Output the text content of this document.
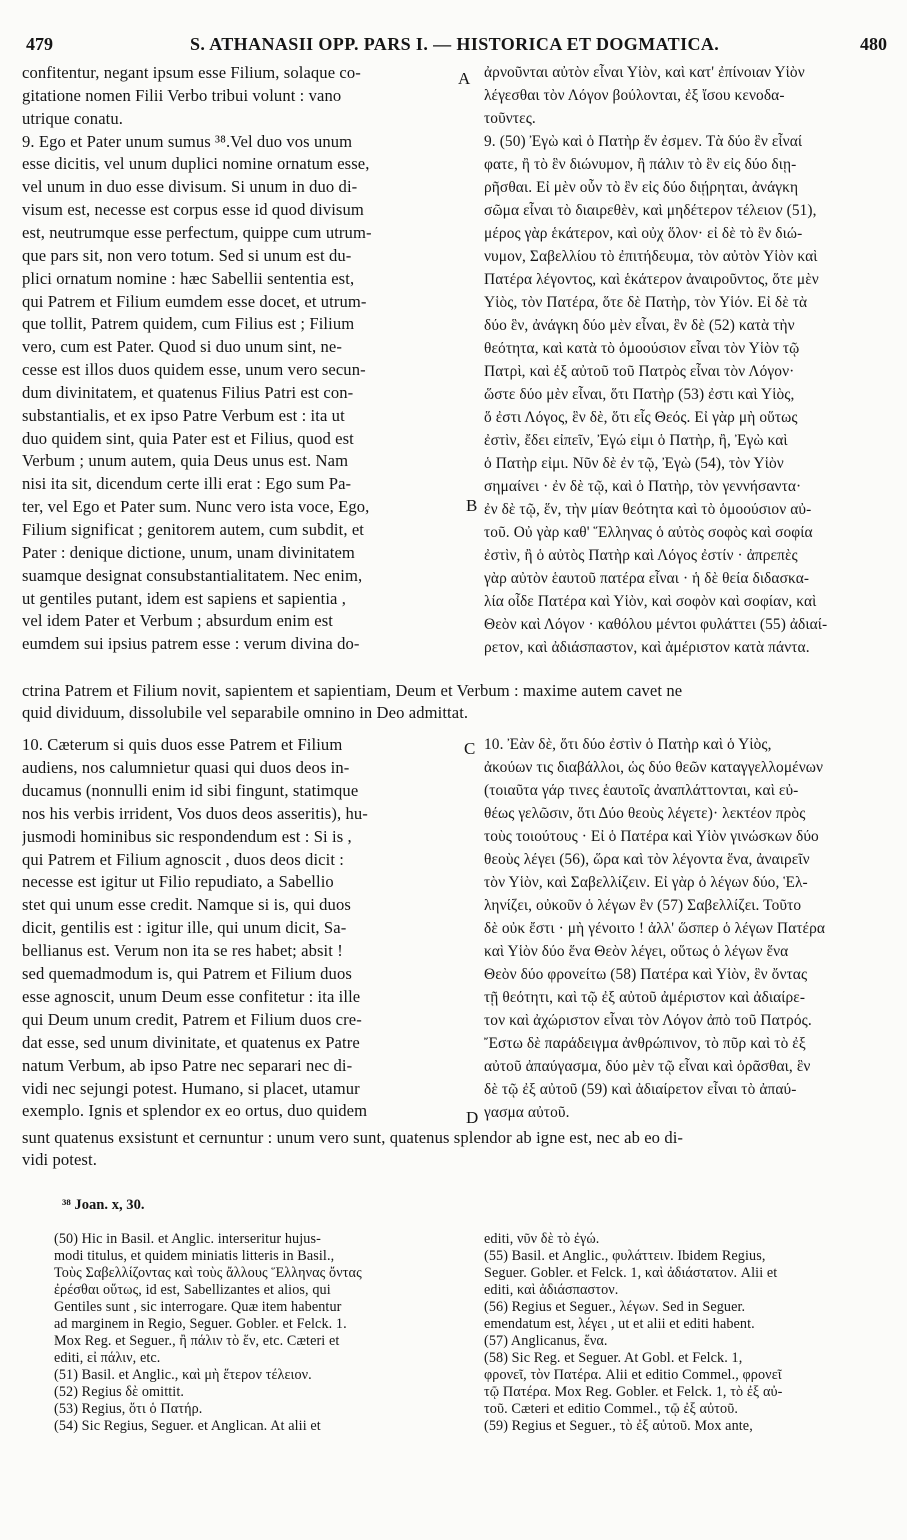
479	S. ATHANASII OPP. PARS I. — HISTORICA ET DOGMATICA.	480
A
B
C
D
confitentur, negant ipsum esse Filium, solaque co-
gitatione nomen Filii Verbo tribui volunt : vano
utrique conatu.
9. Ego et Pater unum sumus ³⁸.Vel duo vos unum
esse dicitis, vel unum duplici nomine ornatum esse,
vel unum in duo esse divisum. Si unum in duo di-
visum est, necesse est corpus esse id quod divisum
est, neutrumque esse perfectum, quippe cum utrum-
que pars sit, non vero totum. Sed si unum est du-
plici ornatum nomine : hæc Sabellii sententia est,
qui Patrem et Filium eumdem esse docet, et utrum-
que tollit, Patrem quidem, cum Filius est ; Filium
vero, cum est Pater. Quod si duo unum sint, ne-
cesse est illos duos quidem esse, unum vero secun-
dum divinitatem, et quatenus Filius Patri est con-
substantialis, et ex ipso Patre Verbum est : ita ut
duo quidem sint, quia Pater est et Filius, quod est
Verbum ; unum autem, quia Deus unus est. Nam
nisi ita sit, dicendum certe illi erat : Ego sum Pa-
ter, vel Ego et Pater sum. Nunc vero ista voce, Ego,
Filium significat ; genitorem autem, cum subdit, et
Pater : denique dictione, unum, unam divinitatem
suamque designat consubstantialitatem. Nec enim,
ut gentiles putant, idem est sapiens et sapientia ,
vel idem Pater et Verbum ; absurdum enim est
eumdem sui ipsius patrem esse : verum divina do-
ἀρνοῦνται αὐτὸν εἶναι Υἱὸν, καὶ κατ' ἐπίνοιαν Υἱὸν
λέγεσθαι τὸν Λόγον βούλονται, ἐξ ἴσου κενοδα-
τοῦντες.
9. (50) Ἐγὼ καὶ ὁ Πατὴρ ἕν ἐσμεν. Τὰ δύο ἓν εἶναί
φατε, ἢ τὸ ἓν διώνυμον, ἢ πάλιν τὸ ἓν εἰς δύο διῃ-
ρῆσθαι. Εἰ μὲν οὖν τὸ ἓν εἰς δύο διῄρηται, ἀνάγκη
σῶμα εἶναι τὸ διαιρεθὲν, καὶ μηδέτερον τέλειον (51),
μέρος γὰρ ἑκάτερον, καὶ οὐχ ὅλον· εἰ δὲ τὸ ἓν διώ-
νυμον, Σαβελλίου τὸ ἐπιτήδευμα, τὸν αὐτὸν Υἱὸν καὶ
Πατέρα λέγοντος, καὶ ἑκάτερον ἀναιροῦντος, ὅτε μὲν
Υἱὸς, τὸν Πατέρα, ὅτε δὲ Πατὴρ, τὸν Υἱόν. Εἰ δὲ τὰ
δύο ἓν, ἀνάγκη δύο μὲν εἶναι, ἓν δὲ (52) κατὰ τὴν
θεότητα, καὶ κατὰ τὸ ὁμοούσιον εἶναι τὸν Υἱὸν τῷ
Πατρὶ, καὶ ἐξ αὐτοῦ τοῦ Πατρὸς εἶναι τὸν Λόγον·
ὥστε δύο μὲν εἶναι, ὅτι Πατὴρ (53) ἐστι καὶ Υἱὸς,
ὅ ἐστι Λόγος, ἓν δὲ, ὅτι εἷς Θεός. Εἰ γὰρ μὴ οὕτως
ἐστὶν, ἔδει εἰπεῖν, Ἐγώ εἰμι ὁ Πατὴρ, ἢ, Ἐγὼ καὶ
ὁ Πατὴρ εἰμι. Νῦν δὲ ἐν τῷ, Ἐγὼ (54), τὸν Υἱὸν
σημαίνει · ἐν δὲ τῷ, καὶ ὁ Πατὴρ, τὸν γεννήσαντα·
ἐν δὲ τῷ, ἕν, τὴν μίαν θεότητα καὶ τὸ ὁμοούσιον αὐ-
τοῦ. Οὐ γὰρ καθ' Ἕλληνας ὁ αὐτὸς σοφὸς καὶ σοφία
ἐστὶν, ἢ ὁ αὐτὸς Πατὴρ καὶ Λόγος ἐστίν · ἀπρεπὲς
γὰρ αὐτὸν ἑαυτοῦ πατέρα εἶναι · ἡ δὲ θεία διδασκα-
λία οἶδε Πατέρα καὶ Υἱὸν, καὶ σοφὸν καὶ σοφίαν, καὶ
Θεὸν καὶ Λόγον · καθόλου μέντοι φυλάττει (55) ἀδιαί-
ρετον, καὶ ἀδιάσπαστον, καὶ ἀμέριστον κατὰ πάντα.
ctrina Patrem et Filium novit, sapientem et sapientiam, Deum et Verbum : maxime autem cavet ne
quid dividuum, dissolubile vel separabile omnino in Deo admittat.
10. Cæterum si quis duos esse Patrem et Filium
audiens, nos calumnietur quasi qui duos deos in-
ducamus (nonnulli enim id sibi fingunt, statimque
nos his verbis irrident, Vos duos deos asseritis), hu-
jusmodi hominibus sic respondendum est : Si is ,
qui Patrem et Filium agnoscit , duos deos dicit :
necesse est igitur ut Filio repudiato, a Sabellio
stet qui unum esse credit. Namque si is, qui duos
dicit, gentilis est : igitur ille, qui unum dicit, Sa-
bellianus est. Verum non ita se res habet; absit !
sed quemadmodum is, qui Patrem et Filium duos
esse agnoscit, unum Deum esse confitetur : ita ille
qui Deum unum credit, Patrem et Filium duos cre-
dat esse, sed unum divinitate, et quatenus ex Patre
natum Verbum, ab ipso Patre nec separari nec di-
vidi nec sejungi potest. Humano, si placet, utamur
exemplo. Ignis et splendor ex eo ortus, duo quidem
10. Ἐὰν δὲ, ὅτι δύο ἐστὶν ὁ Πατὴρ καὶ ὁ Υἱὸς,
ἀκούων τις διαβάλλοι, ὡς δύο θεῶν καταγγελλομένων
(τοιαῦτα γάρ τινες ἑαυτοῖς ἀναπλάττονται, καὶ εὐ-
θέως γελῶσιν, ὅτι Δύο θεοὺς λέγετε)· λεκτέον πρὸς
τοὺς τοιούτους · Εἰ ὁ Πατέρα καὶ Υἱὸν γινώσκων δύο
θεοὺς λέγει (56), ὥρα καὶ τὸν λέγοντα ἕνα, ἀναιρεῖν
τὸν Υἱὸν, καὶ Σαβελλίζειν. Εἰ γὰρ ὁ λέγων δύο, Ἑλ-
ληνίζει, οὐκοῦν ὁ λέγων ἓν (57) Σαβελλίζει. Τοῦτο
δὲ οὐκ ἔστι · μὴ γένοιτο ! ἀλλ' ὥσπερ ὁ λέγων Πατέρα
καὶ Υἱὸν δύο ἕνα Θεὸν λέγει, οὕτως ὁ λέγων ἕνα
Θεὸν δύο φρονείτω (58) Πατέρα καὶ Υἱὸν, ἓν ὄντας
τῇ θεότητι, καὶ τῷ ἐξ αὐτοῦ ἀμέριστον καὶ ἀδιαίρε-
τον καὶ ἀχώριστον εἶναι τὸν Λόγον ἀπὸ τοῦ Πατρός.
Ἔστω δὲ παράδειγμα ἀνθρώπινον, τὸ πῦρ καὶ τὸ ἐξ
αὐτοῦ ἀπαύγασμα, δύο μὲν τῷ εἶναι καὶ ὁρᾶσθαι, ἓν
δὲ τῷ ἐξ αὐτοῦ (59) καὶ ἀδιαίρετον εἶναι τὸ ἀπαύ-
γασμα αὐτοῦ.
sunt quatenus exsistunt et cernuntur : unum vero sunt, quatenus splendor ab igne est, nec ab eo di-
vidi potest.
³⁸ Joan. x, 30.
(50) Hic in Basil. et Anglic. interseritur hujus-
modi titulus, et quidem miniatis litteris in Basil.,
Τοὺς Σαβελλίζοντας καὶ τοὺς ἄλλους Ἕλληνας ὄντας
ἐρέσθαι οὕτως, id est, Sabellizantes et alios, qui
Gentiles sunt , sic interrogare. Quæ item habentur
ad marginem in Regio, Seguer. Gobler. et Felck. 1.
Mox Reg. et Seguer., ἢ πάλιν τὸ ἕν, etc. Cæteri et
editi, εἰ πάλιν, etc.
(51) Basil. et Anglic., καὶ μὴ ἕτερον τέλειον.
(52) Regius δὲ omittit.
(53) Regius, ὅτι ὁ Πατήρ.
(54) Sic Regius, Seguer. et Anglican. At alii et
editi, νῦν δὲ τὸ ἐγώ.
(55) Basil. et Anglic., φυλάττειν. Ibidem Regius,
Seguer. Gobler. et Felck. 1, καὶ ἀδιάστατον. Alii et
editi, καὶ ἀδιάσπαστον.
(56) Regius et Seguer., λέγων. Sed in Seguer.
emendatum est, λέγει , ut et alii et editi habent.
(57) Anglicanus, ἕνα.
(58) Sic Reg. et Seguer. At Gobl. et Felck. 1,
φρονεῖ, τὸν Πατέρα. Alii et editio Commel., φρονεῖ
τῷ Πατέρα. Mox Reg. Gobler. et Felck. 1, τὸ ἐξ αὐ-
τοῦ. Cæteri et editio Commel., τῷ ἐξ αὐτοῦ.
(59) Regius et Seguer., τὸ ἐξ αὐτοῦ. Mox ante,
